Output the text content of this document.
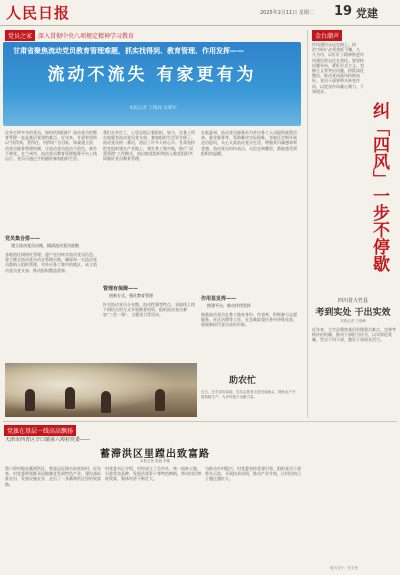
人民日报	2025年2月11日 星期二 19 党建
党员之家 深入贯彻中央八项规定精神学习教育
甘肃省聚焦流动党员教育管理难题，抓实找得到、教育管理、作用发挥——
流动不流失 有家更有为
本报记者 王锦涛 宋朝军
在外打拼多年的党员，如何找到组织？流动党员的教育管理一直是基层党建的难点。近年来，甘肃省坚持以“找得到、管得住、用得好”为目标，探索建立流动党员服务管理机制，让流动党员流动不流失、离乡不离党。在兰州市，流动党员教育管理服务平台上线运行，党员可通过手机随时参加组织生活。
党员集合排——
建立流动党员台账，摸清流动党员底数
各地依托网格化管理，逐户走访核实流动党员信息，建立健全流动党员动态管理台账，确保每一名流动党员都纳入组织管理。对外出务工集中的地区，成立流动党员党支部，推动组织覆盖延伸。
我们在外打工，心里总惦记着组织。如今，在务工所在地就有流动党员党支部，参加组织生活更方便了。流动党员的一番话，道出了许多人的心声。甘肃坚持把党组织建在产业链上、建在务工集中地，推行“双重管理”工作模式，流出地党组织和流入地党组织共同做好党员教育管理。
管理有保障——
创新方式，强化教育管理
针对流动党员分布散、流动性强等特点，采取线上线下相结合的方式开展教育培训，组织流动党员参加“三会一课”、主题党日等活动。
在临夏州，流动党员服务站为外出务工人员提供政策咨询、就业服务等，帮助解决实际困难。各地还定期开展走访慰问，关心关爱流动党员生活，增强其归属感和荣誉感。流动党员纷纷表示，无论走到哪里，都能感受到组织的温暖。
作用显发挥——
搭建平台，推动作用发挥
鼓励流动党员在务工地亮身份、作表率，积极参与志愿服务、社区治理等工作，在急难险重任务中冲锋在前，展现新时代党员良好形象。
助农忙
近日，在甘肃省某地，党员志愿者走进田间地头，帮助农户开展春耕生产，为乡村振兴贡献力量。
金台潮声
作风建设永远在路上。纠治“四风”必须常抓不懈、久久为功，以钉钉子精神推进作风建设常态化长效化。要坚持问题导向，紧盯形式主义、官僚主义等突出问题，持续深化整治，推动党风政风持续向好。党员干部要带头转变作风，以优良作风凝心聚力、干事创业。
纠「四风」一步不停歇
四川省大竹县
考到实处 干出实效
本报记者 王明峰
近年来，大竹县聚焦基层治理重点难点，完善考核评价机制，推动干部担当作为，以实绩论英雄、凭实干用干部，激发干事创业活力。
党旗在基层一线高高飘扬
天津市西青区辛口镇第六埠村党委——
蓄滞洪区里蹚出致富路
本报记者 张毅 李婕
第六埠村地处蓄滞洪区，曾是远近闻名的贫困村。近年来，村党委带领群众因地制宜发展特色产业，建设高标准农田，发展设施农业，走出了一条蓄滞洪区里的致富路。
村党委书记介绍，村里成立了合作社，统一流转土地，引进优良品种，发展沙窝萝卜等特色种植，带动村民增收致富，集体经济不断壮大。
为推动乡村振兴，村党委坚持党建引领，组织党员干部带头示范，开展技术培训，推动产业升级，让村民的日子越过越红火。
版式设计：张芳曼
